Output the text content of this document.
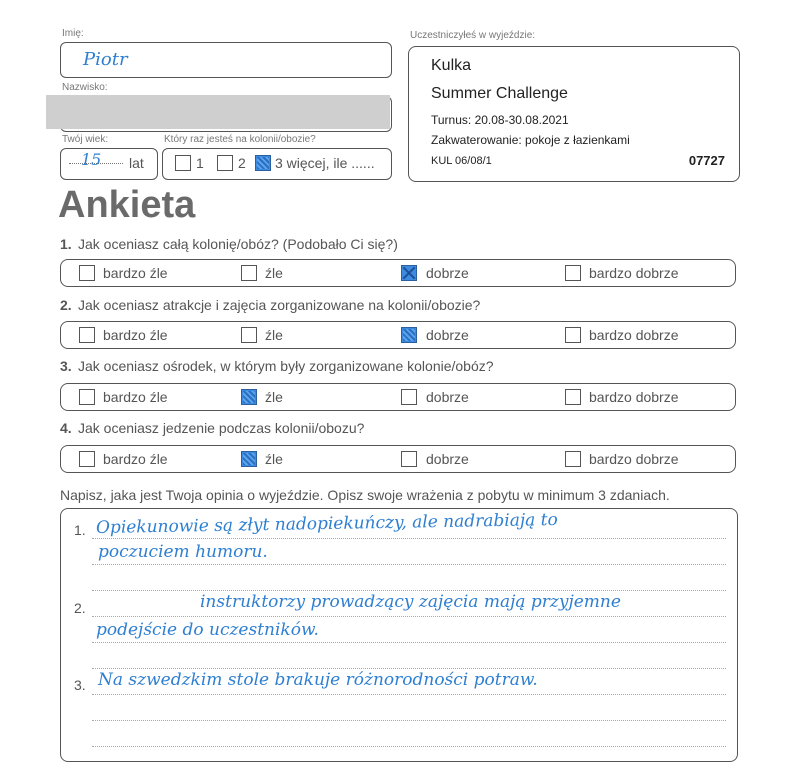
Imię:
Piotr
Nazwisko:
Twój wiek:
15 lat
Który raz jesteś na kolonii/obozie?
1 2 3 więcej, ile ......
Uczestniczyłeś w wyjeździe:
Kulka
Summer Challenge
Turnus: 20.08-30.08.2021
Zakwaterowanie: pokoje z łazienkami
KUL 06/08/1	07727
Ankieta
1. Jak oceniasz całą kolonię/obóz? (Podobało Ci się?)
bardzo źle	źle	dobrze	bardzo dobrze
2. Jak oceniasz atrakcje i zajęcia zorganizowane na kolonii/obozie?
bardzo źle	źle	dobrze	bardzo dobrze
3. Jak oceniasz ośrodek, w którym były zorganizowane kolonie/obóz?
bardzo źle	źle	dobrze	bardzo dobrze
4. Jak oceniasz jedzenie podczas kolonii/obozu?
bardzo źle	źle	dobrze	bardzo dobrze
Napisz, jaka jest Twoja opinia o wyjeździe. Opisz swoje wrażenia z pobytu w minimum 3 zdaniach.
1. Opiekunowie są złyt nadopiekuńczy, ale nadrabiają to
poczuciem humoru.
2.	instruktorzy prowadzący zajęcia mają przyjemne
podejście do uczestników.
3. Na szwedzkim stole brakuje różnorodności potraw.
